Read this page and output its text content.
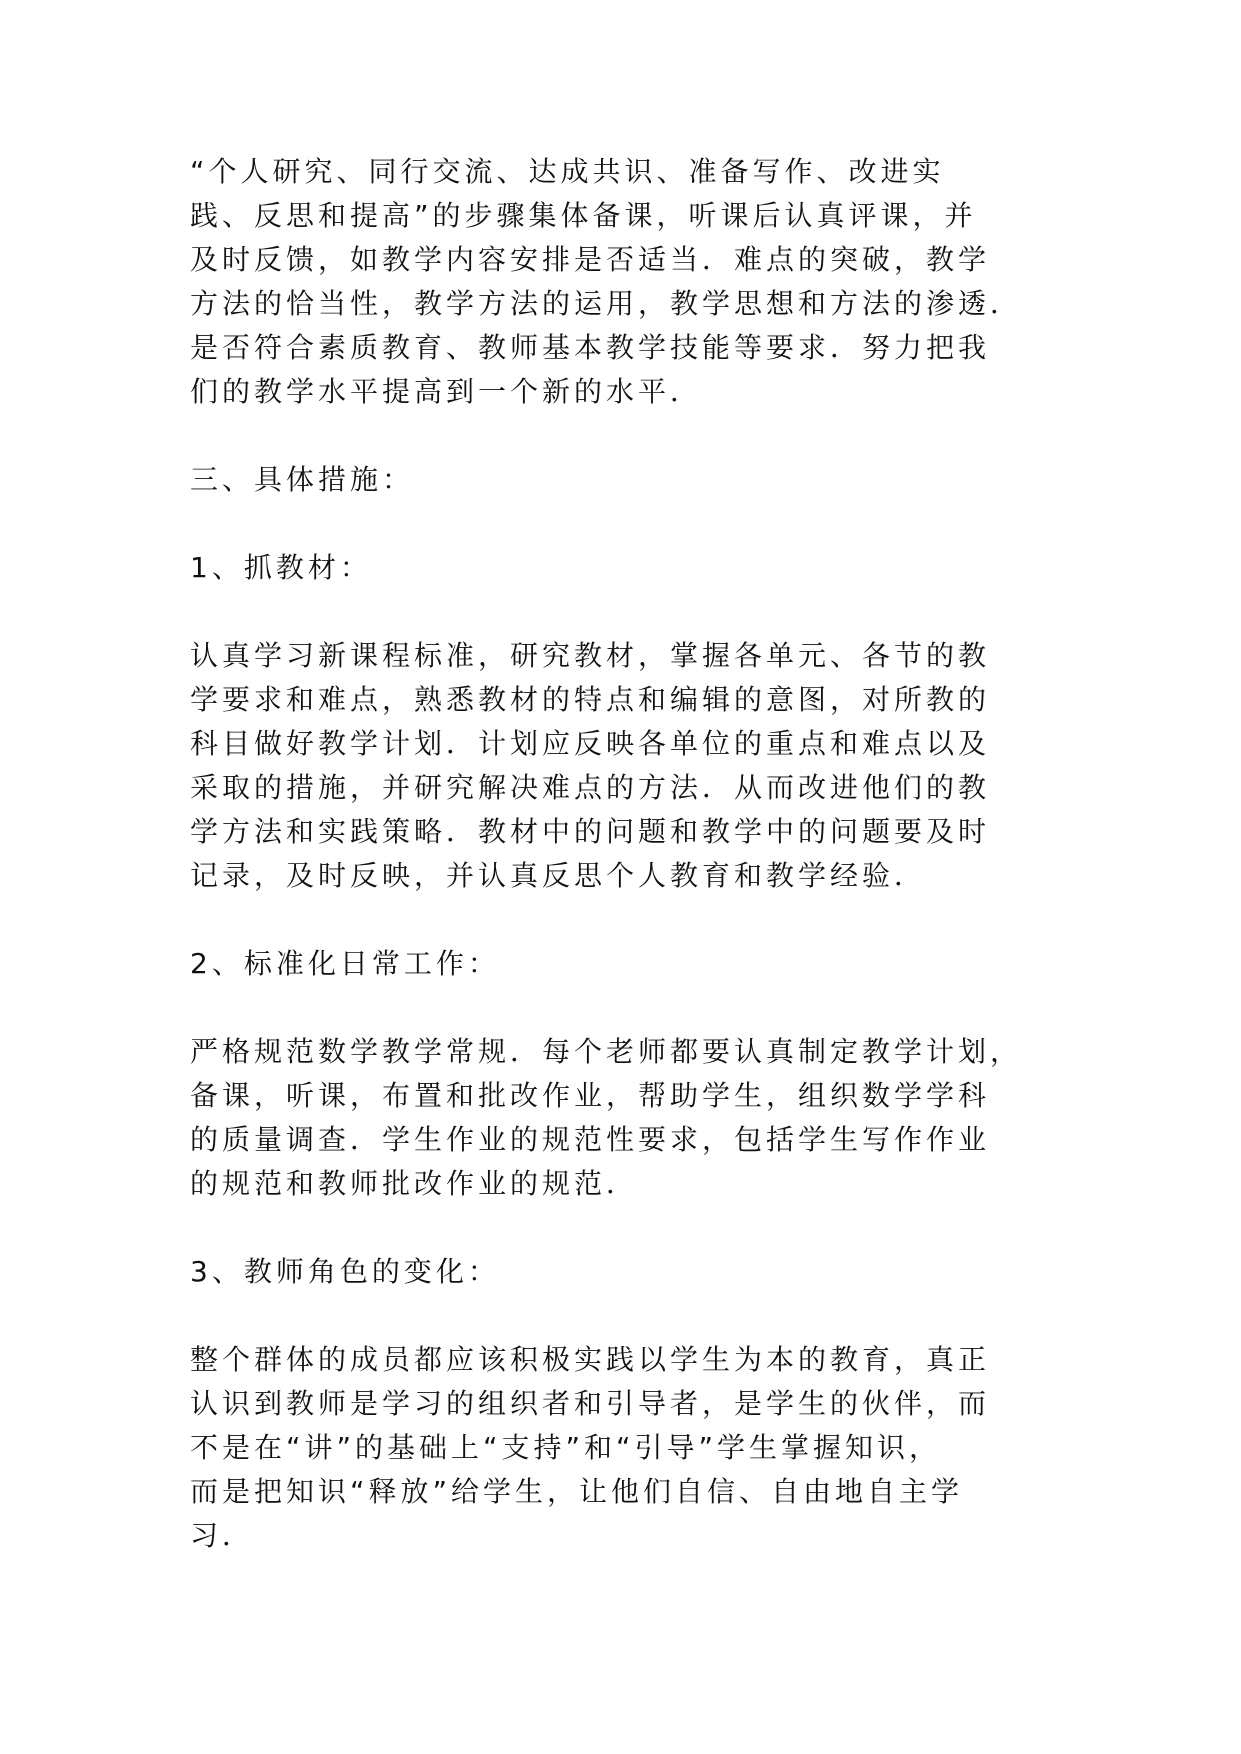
“个人研究、同行交流、达成共识、准备写作、改进实
践、反思和提高”的步骤集体备课，听课后认真评课，并
及时反馈，如教学内容安排是否适当．难点的突破，教学
方法的恰当性，教学方法的运用，教学思想和方法的渗透．
是否符合素质教育、教师基本教学技能等要求．努力把我
们的教学水平提高到一个新的水平．
三、具体措施：
1、抓教材：
认真学习新课程标准，研究教材，掌握各单元、各节的教
学要求和难点，熟悉教材的特点和编辑的意图，对所教的
科目做好教学计划．计划应反映各单位的重点和难点以及
采取的措施，并研究解决难点的方法．从而改进他们的教
学方法和实践策略．教材中的问题和教学中的问题要及时
记录，及时反映，并认真反思个人教育和教学经验．
2、标准化日常工作：
严格规范数学教学常规．每个老师都要认真制定教学计划，
备课，听课，布置和批改作业，帮助学生，组织数学学科
的质量调查．学生作业的规范性要求，包括学生写作作业
的规范和教师批改作业的规范．
3、教师角色的变化：
整个群体的成员都应该积极实践以学生为本的教育，真正
认识到教师是学习的组织者和引导者，是学生的伙伴，而
不是在“讲”的基础上“支持”和“引导”学生掌握知识，
而是把知识“释放”给学生，让他们自信、自由地自主学
习．
